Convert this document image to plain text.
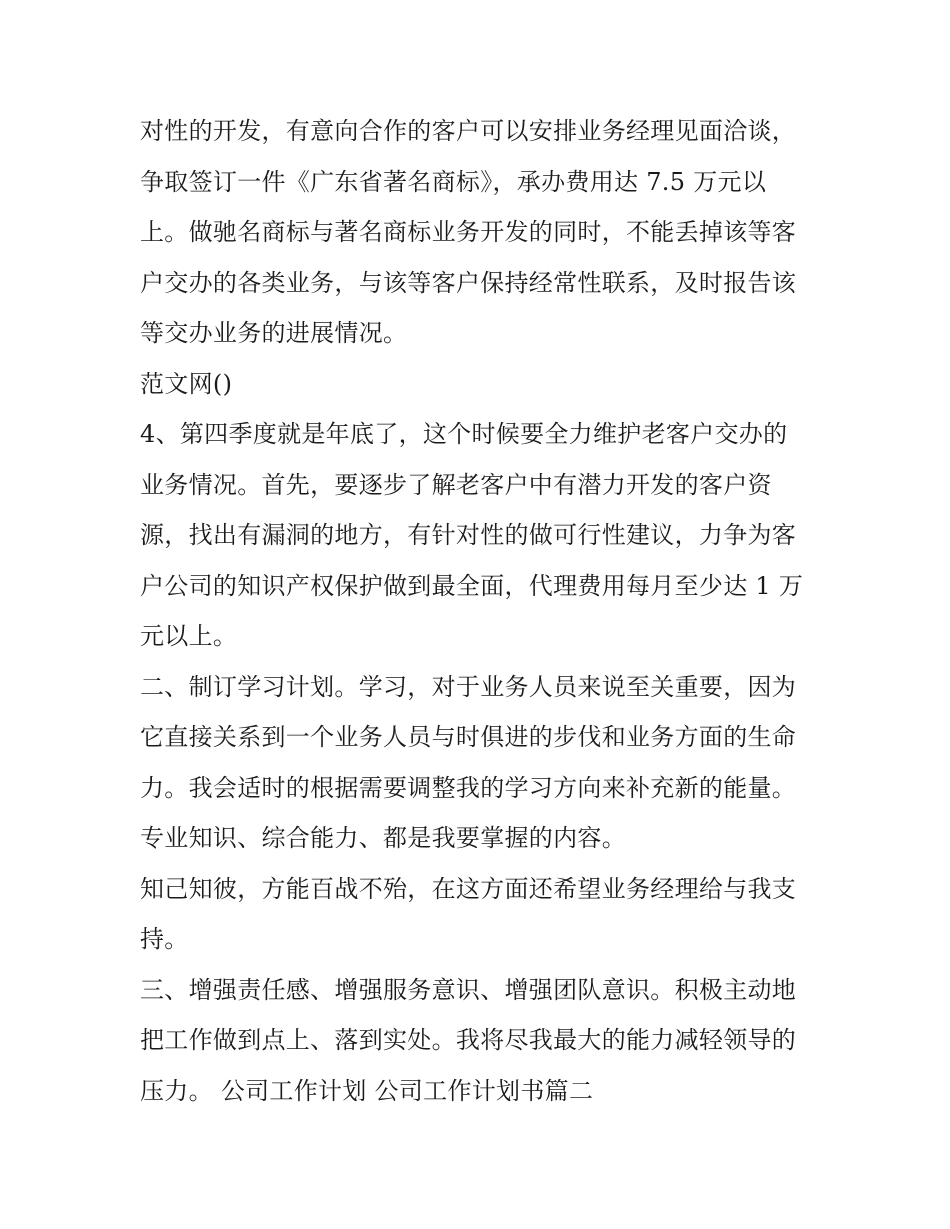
对性的开发，有意向合作的客户可以安排业务经理见面洽谈，
争取签订一件《广东省著名商标》，承办费用达 7.5 万元以
上。做驰名商标与著名商标业务开发的同时，不能丢掉该等客
户交办的各类业务，与该等客户保持经常性联系，及时报告该
等交办业务的进展情况。
范文网()
4、第四季度就是年底了，这个时候要全力维护老客户交办的
业务情况。首先，要逐步了解老客户中有潜力开发的客户资
源，找出有漏洞的地方，有针对性的做可行性建议，力争为客
户公司的知识产权保护做到最全面，代理费用每月至少达 1 万
元以上。
二、制订学习计划。学习，对于业务人员来说至关重要，因为
它直接关系到一个业务人员与时俱进的步伐和业务方面的生命
力。我会适时的根据需要调整我的学习方向来补充新的能量。
专业知识、综合能力、都是我要掌握的内容。
知己知彼，方能百战不殆，在这方面还希望业务经理给与我支
持。
三、增强责任感、增强服务意识、增强团队意识。积极主动地
把工作做到点上、落到实处。我将尽我最大的能力减轻领导的
压力。 公司工作计划 公司工作计划书篇二
